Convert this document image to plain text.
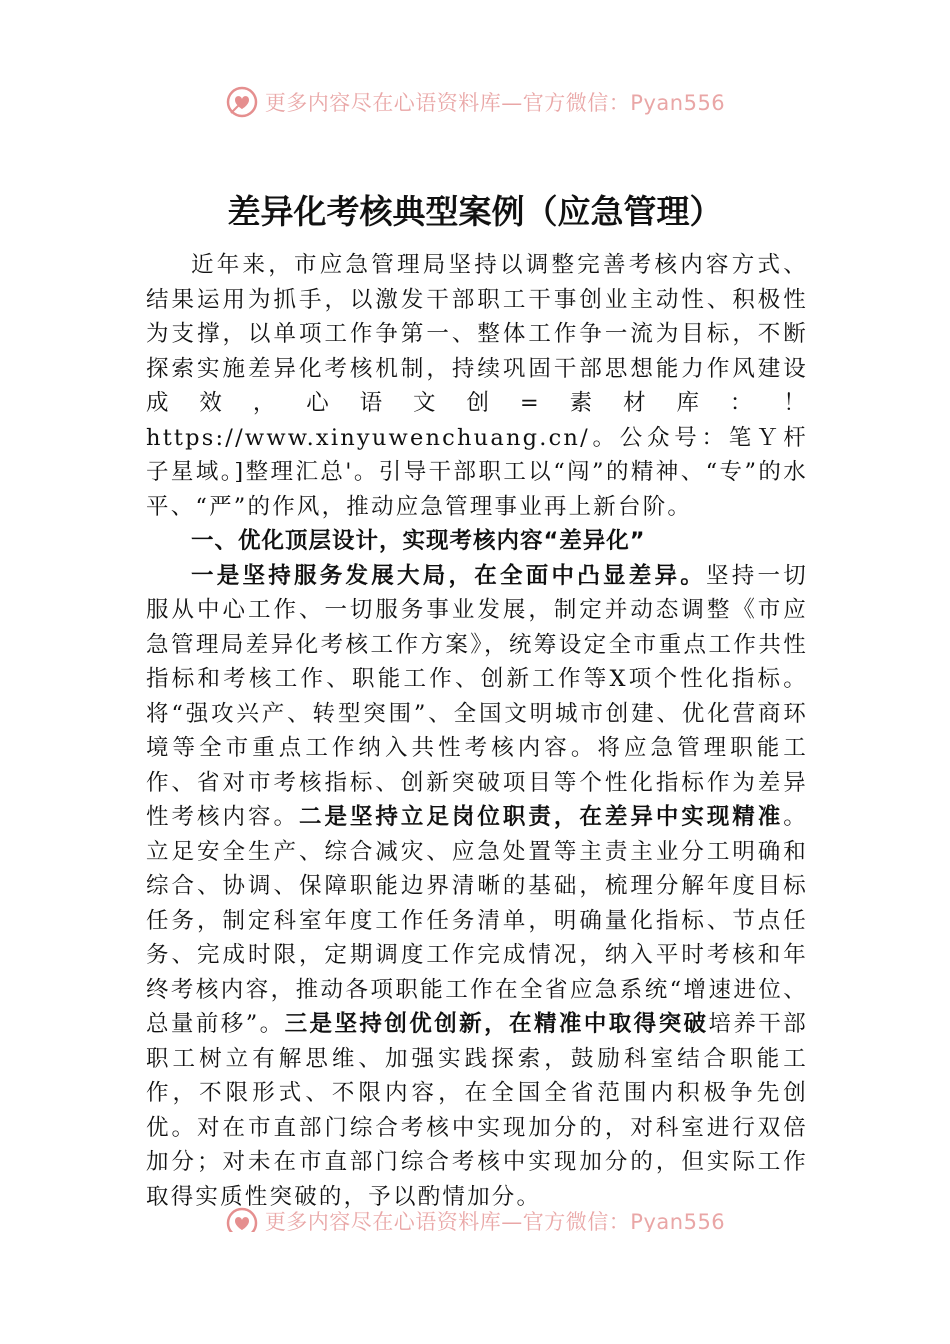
更多内容尽在心语资料库—官方微信：Pyan556
差异化考核典型案例（应急管理）

近年来，市应急管理局坚持以调整完善考核内容方式、结果运用为抓手，以激发干部职工干事创业主动性、积极性为支撑，以单项工作争第一、整体工作争一流为目标，不断探索实施差异化考核机制，持续巩固干部思想能力作风建设成效，心语文创=素材库：！https://www.xinyuwenchuang.cn/。公众号：笔Ｙ杆子星域。]整理汇总'。引导干部职工以“闯”的精神、“专”的水平、“严”的作风，推动应急管理事业再上新台阶。

一、优化顶层设计，实现考核内容“差异化”

一是坚持服务发展大局，在全面中凸显差异。坚持一切服从中心工作、一切服务事业发展，制定并动态调整《市应急管理局差异化考核工作方案》，统筹设定全市重点工作共性指标和考核工作、职能工作、创新工作等X项个性化指标。将“强攻兴产、转型突围”、全国文明城市创建、优化营商环境等全市重点工作纳入共性考核内容。将应急管理职能工作、省对市考核指标、创新突破项目等个性化指标作为差异性考核内容。二是坚持立足岗位职责，在差异中实现精准。立足安全生产、综合减灾、应急处置等主责主业分工明确和综合、协调、保障职能边界清晰的基础，梳理分解年度目标任务，制定科室年度工作任务清单，明确量化指标、节点任务、完成时限，定期调度工作完成情况，纳入平时考核和年终考核内容，推动各项职能工作在全省应急系统“增速进位、总量前移”。三是坚持创优创新，在精准中取得突破培养干部职工树立有解思维、加强实践探索，鼓励科室结合职能工作，不限形式、不限内容，在全国全省范围内积极争先创优。对在市直部门综合考核中实现加分的，对科室进行双倍加分；对未在市直部门综合考核中实现加分的，但实际工作取得实质性突破的，予以酌情加分。

更多内容尽在心语资料库—官方微信：Pyan556
